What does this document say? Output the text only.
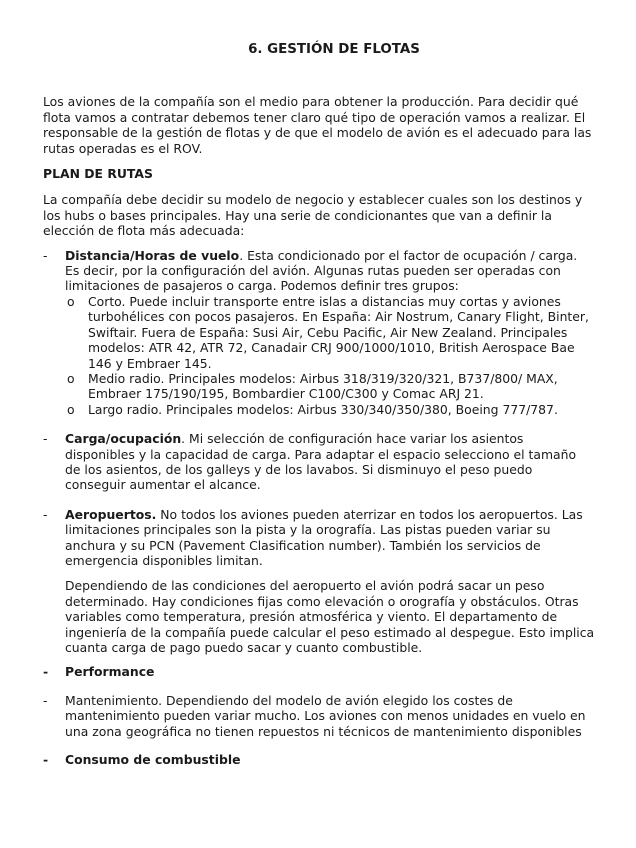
6. GESTIÓN DE FLOTAS

Los aviones de la compañía son el medio para obtener la producción. Para decidir qué flota vamos a contratar debemos tener claro qué tipo de operación vamos a realizar. El responsable de la gestión de flotas y de que el modelo de avión es el adecuado para las rutas operadas es el ROV.

PLAN DE RUTAS

La compañía debe decidir su modelo de negocio y establecer cuales son los destinos y los hubs o bases principales. Hay una serie de condicionantes que van a definir la elección de flota más adecuada:

-	Distancia/Horas de vuelo. Esta condicionado por el factor de ocupación / carga. Es decir, por la configuración del avión. Algunas rutas pueden ser operadas con limitaciones de pasajeros o carga. Podemos definir tres grupos:
o Corto. Puede incluir transporte entre islas a distancias muy cortas y aviones turbohélices con pocos pasajeros. En España: Air Nostrum, Canary Flight, Binter, Swiftair. Fuera de España: Susi Air, Cebu Pacific, Air New Zealand. Principales modelos: ATR 42, ATR 72, Canadair CRJ 900/1000/1010, British Aerospace Bae 146 y Embraer 145.
o Medio radio. Principales modelos: Airbus 318/319/320/321, B737/800/ MAX, Embraer 175/190/195, Bombardier C100/C300 y Comac ARJ 21.
o Largo radio. Principales modelos: Airbus 330/340/350/380, Boeing 777/787.
-	Carga/ocupación. Mi selección de configuración hace variar los asientos disponibles y la capacidad de carga. Para adaptar el espacio selecciono el tamaño de los asientos, de los galleys y de los lavabos. Si disminuyo el peso puedo conseguir aumentar el alcance.
-	Aeropuertos. No todos los aviones pueden aterrizar en todos los aeropuertos. Las limitaciones principales son la pista y la orografía. Las pistas pueden variar su anchura y su PCN (Pavement Clasification number). También los servicios de emergencia disponibles limitan.

Dependiendo de las condiciones del aeropuerto el avión podrá sacar un peso determinado. Hay condiciones fijas como elevación o orografía y obstáculos. Otras variables como temperatura, presión atmosférica y viento. El departamento de ingeniería de la compañía puede calcular el peso estimado al despegue. Esto implica cuanta carga de pago puedo sacar y cuanto combustible.

-	Performance
-	Mantenimiento. Dependiendo del modelo de avión elegido los costes de mantenimiento pueden variar mucho. Los aviones con menos unidades en vuelo en una zona geográfica no tienen repuestos ni técnicos de mantenimiento disponibles
-	Consumo de combustible
